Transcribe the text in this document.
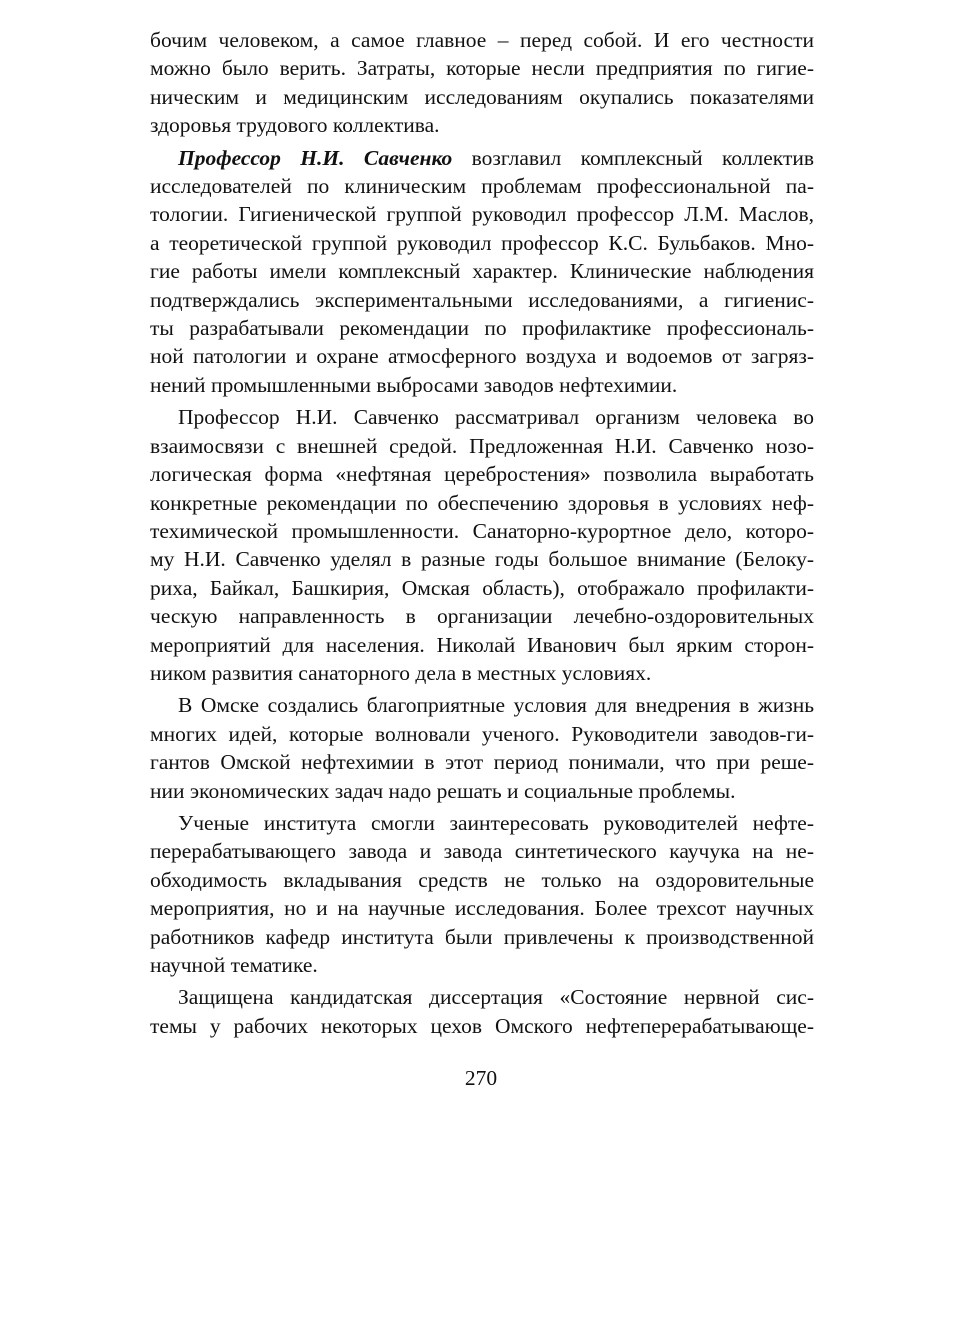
бочим человеком, а самое главное – перед собой. И его честности
можно было верить. Затраты, которые несли предприятия по гигие-
ническим и медицинским исследованиям окупались показателями
здоровья трудового коллектива.
Профессор Н.И. Савченко возглавил комплексный коллектив
исследователей по клиническим проблемам профессиональной па-
тологии. Гигиенической группой руководил профессор Л.М. Маслов,
а теоретической группой руководил профессор К.С. Бульбаков. Мно-
гие работы имели комплексный характер. Клинические наблюдения
подтверждались экспериментальными исследованиями, а гигиенис-
ты разрабатывали рекомендации по профилактике профессиональ-
ной патологии и охране атмосферного воздуха и водоемов от загряз-
нений промышленными выбросами заводов нефтехимии.
Профессор Н.И. Савченко рассматривал организм человека во
взаимосвязи с внешней средой. Предложенная Н.И. Савченко нозо-
логическая форма «нефтяная церебростения» позволила выработать
конкретные рекомендации по обеспечению здоровья в условиях неф-
техимической промышленности. Санаторно-курортное дело, которо-
му Н.И. Савченко уделял в разные годы большое внимание (Белоку-
риха, Байкал, Башкирия, Омская область), отображало профилакти-
ческую направленность в организации лечебно-оздоровительных
мероприятий для населения. Николай Иванович был ярким сторон-
ником развития санаторного дела в местных условиях.
В Омске создались благоприятные условия для внедрения в жизнь
многих идей, которые волновали ученого. Руководители заводов-ги-
гантов Омской нефтехимии в этот период понимали, что при реше-
нии экономических задач надо решать и социальные проблемы.
Ученые института смогли заинтересовать руководителей нефте-
перерабатывающего завода и завода синтетического каучука на не-
обходимость вкладывания средств не только на оздоровительные
мероприятия, но и на научные исследования. Более трехсот научных
работников кафедр института были привлечены к производственной
научной тематике.
Защищена кандидатская диссертация «Состояние нервной сис-
темы у рабочих некоторых цехов Омского нефтеперерабатывающе-
270
